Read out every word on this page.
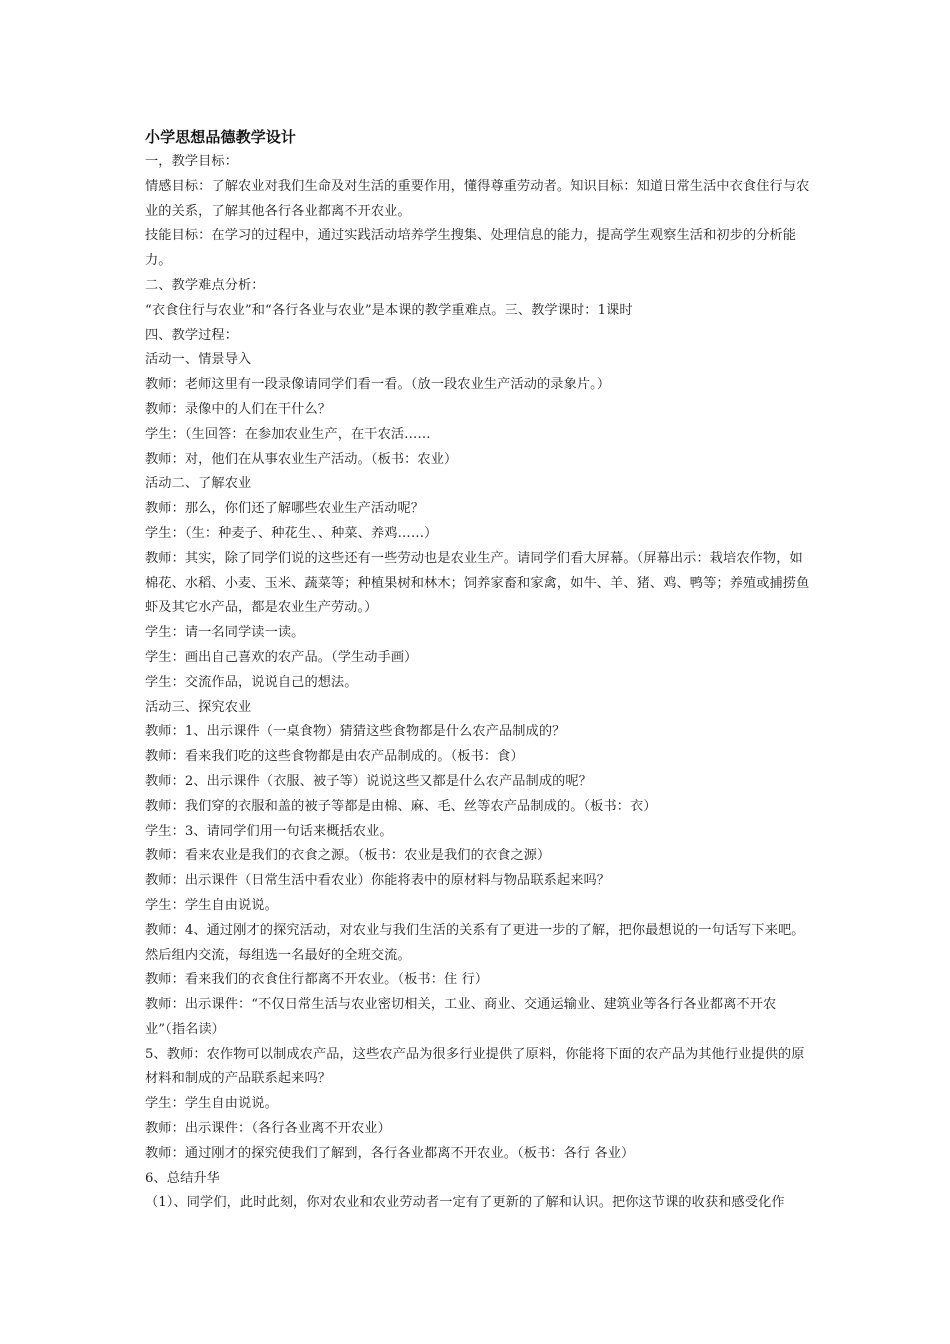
小学思想品德教学设计

一，教学目标：

情感目标：了解农业对我们生命及对生活的重要作用，懂得尊重劳动者。知识目标：知道日常生活中衣食住行与农业的关系，了解其他各行各业都离不开农业。

技能目标：在学习的过程中，通过实践活动培养学生搜集、处理信息的能力，提高学生观察生活和初步的分析能力。

二、教学难点分析：

“衣食住行与农业”和“各行各业与农业”是本课的教学重难点。三、教学课时：1课时

四、教学过程：

活动一、情景导入

教师：老师这里有一段录像请同学们看一看。（放一段农业生产活动的录象片。）

教师：录像中的人们在干什么？

学生：（生回答：在参加农业生产，在干农活……

教师：对，他们在从事农业生产活动。（板书：农业）

活动二、了解农业

教师：那么，你们还了解哪些农业生产活动呢？

学生：（生：种麦子、种花生、、种菜、养鸡……）

教师：其实，除了同学们说的这些还有一些劳动也是农业生产。请同学们看大屏幕。（屏幕出示：栽培农作物，如棉花、水稻、小麦、玉米、蔬菜等；种植果树和林木；饲养家畜和家禽，如牛、羊、猪、鸡、鸭等；养殖或捕捞鱼虾及其它水产品，都是农业生产劳动。）

学生：请一名同学读一读。

学生：画出自己喜欢的农产品。（学生动手画）

学生：交流作品，说说自己的想法。

活动三、探究农业

教师：1、出示课件（一桌食物）猜猜这些食物都是什么农产品制成的？

教师：看来我们吃的这些食物都是由农产品制成的。（板书：食）

教师：2、出示课件（衣服、被子等）说说这些又都是什么农产品制成的呢？

教师：我们穿的衣服和盖的被子等都是由棉、麻、毛、丝等农产品制成的。（板书：衣）

学生：3、请同学们用一句话来概括农业。

教师：看来农业是我们的衣食之源。（板书：农业是我们的衣食之源）

教师：出示课件（日常生活中看农业）你能将表中的原材料与物品联系起来吗？

学生：学生自由说说。

教师：4、通过刚才的探究活动，对农业与我们生活的关系有了更进一步的了解，把你最想说的一句话写下来吧。然后组内交流，每组选一名最好的全班交流。

教师：看来我们的衣食住行都离不开农业。（板书：住 行）

教师：出示课件：“不仅日常生活与农业密切相关，工业、商业、交通运输业、建筑业等各行各业都离不开农业”（指名读）

5、教师：农作物可以制成农产品，这些农产品为很多行业提供了原料，你能将下面的农产品为其他行业提供的原材料和制成的产品联系起来吗？

学生：学生自由说说。

教师：出示课件：（各行各业离不开农业）

教师：通过刚才的探究使我们了解到，各行各业都离不开农业。（板书：各行 各业）

6、总结升华

（1）、同学们，此时此刻，你对农业和农业劳动者一定有了更新的了解和认识。把你这节课的收获和感受化作
